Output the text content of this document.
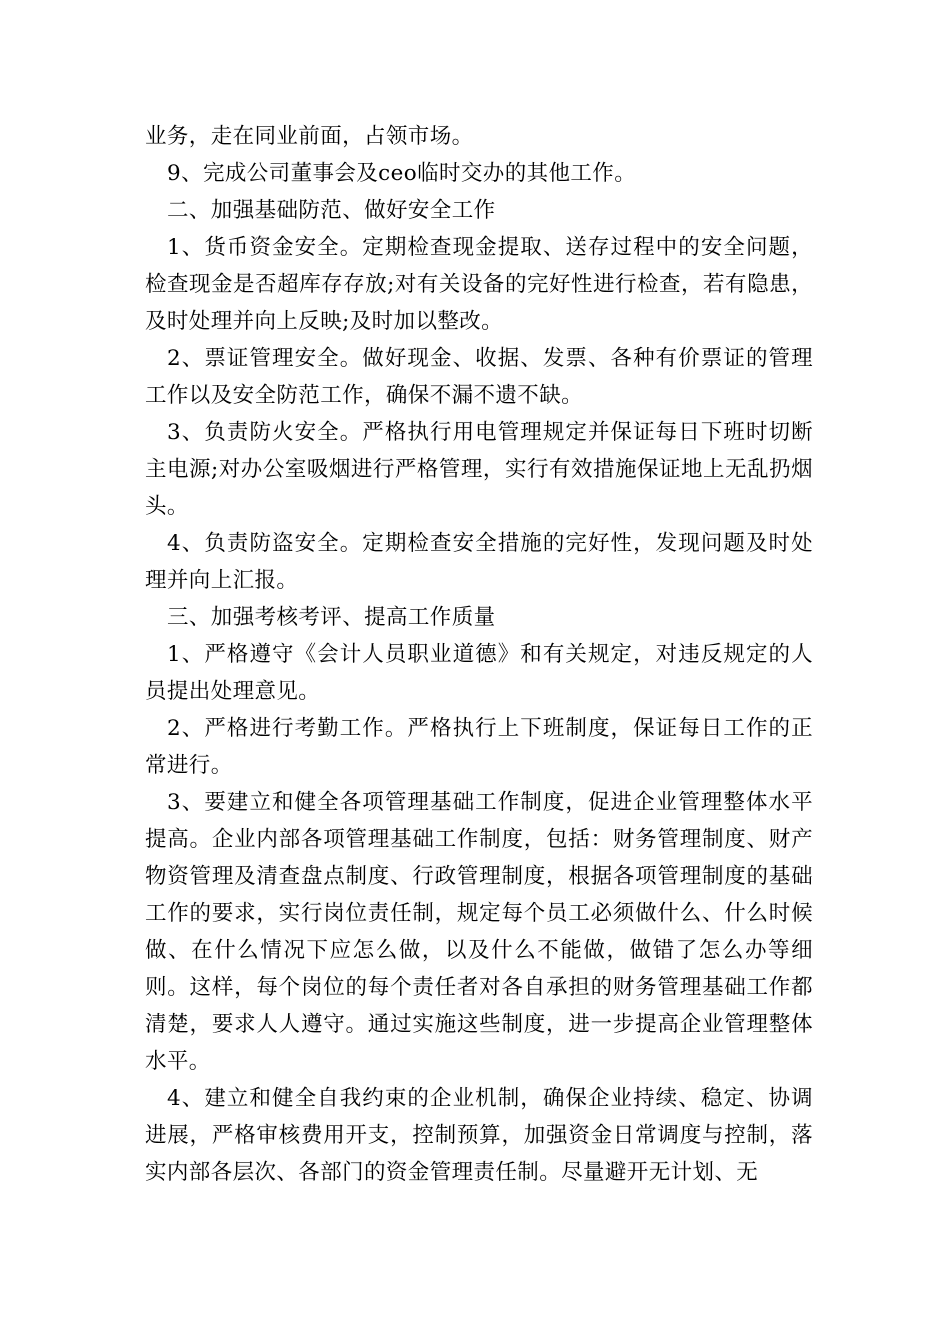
业务，走在同业前面，占领市场。

9、完成公司董事会及ceo临时交办的其他工作。

二、加强基础防范、做好安全工作

1、货币资金安全。定期检查现金提取、送存过程中的安全问题，检查现金是否超库存存放;对有关设备的完好性进行检查，若有隐患，及时处理并向上反映;及时加以整改。

2、票证管理安全。做好现金、收据、发票、各种有价票证的管理工作以及安全防范工作，确保不漏不遗不缺。

3、负责防火安全。严格执行用电管理规定并保证每日下班时切断主电源;对办公室吸烟进行严格管理，实行有效措施保证地上无乱扔烟头。

4、负责防盗安全。定期检查安全措施的完好性，发现问题及时处理并向上汇报。

三、加强考核考评、提高工作质量

1、严格遵守《会计人员职业道德》和有关规定，对违反规定的人员提出处理意见。

2、严格进行考勤工作。严格执行上下班制度，保证每日工作的正常进行。

3、要建立和健全各项管理基础工作制度，促进企业管理整体水平提高。企业内部各项管理基础工作制度，包括：财务管理制度、财产物资管理及清查盘点制度、行政管理制度，根据各项管理制度的基础工作的要求，实行岗位责任制，规定每个员工必须做什么、什么时候做、在什么情况下应怎么做，以及什么不能做，做错了怎么办等细则。这样，每个岗位的每个责任者对各自承担的财务管理基础工作都清楚，要求人人遵守。通过实施这些制度，进一步提高企业管理整体水平。

4、建立和健全自我约束的企业机制，确保企业持续、稳定、协调进展，严格审核费用开支，控制预算，加强资金日常调度与控制，落实内部各层次、各部门的资金管理责任制。尽量避开无计划、无
